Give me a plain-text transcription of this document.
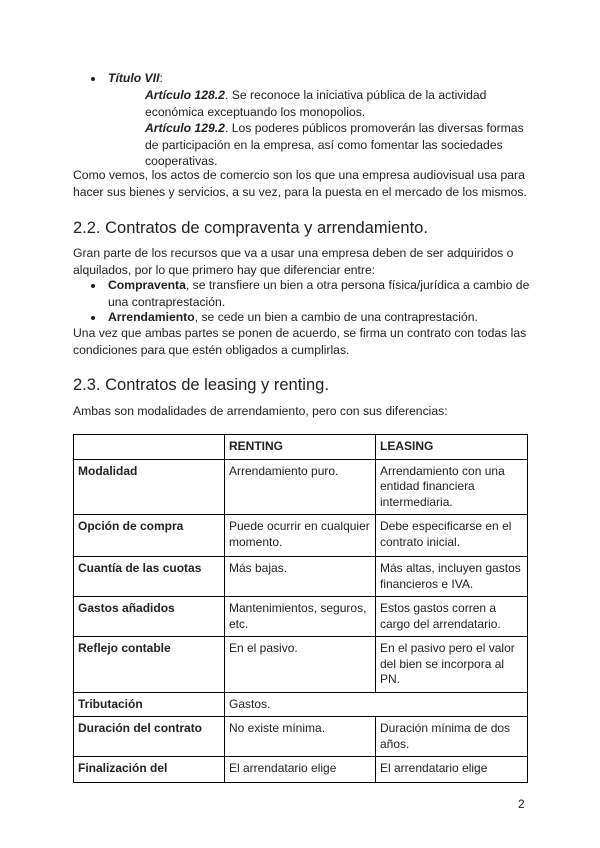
Título VII:
Artículo 128.2. Se reconoce la iniciativa pública de la actividad
económica exceptuando los monopolios.
Artículo 129.2. Los poderes públicos promoverán las diversas formas
de participación en la empresa, así como fomentar las sociedades
cooperativas.
Como vemos, los actos de comercio son los que una empresa audiovisual usa para
hacer sus bienes y servicios, a su vez, para la puesta en el mercado de los mismos.
2.2. Contratos de compraventa y arrendamiento.
Gran parte de los recursos que va a usar una empresa deben de ser adquiridos o
alquilados, por lo que primero hay que diferenciar entre:
Compraventa, se transfiere un bien a otra persona física/jurídica a cambio de
una contraprestación.
Arrendamiento, se cede un bien a cambio de una contraprestación.
Una vez que ambas partes se ponen de acuerdo, se firma un contrato con todas las
condiciones para que estén obligados a cumplirlas.
2.3. Contratos de leasing y renting.
Ambas son modalidades de arrendamiento, pero con sus diferencias:
	RENTING	LEASING
Modalidad	Arrendamiento puro.	Arrendamiento con una entidad financiera intermediaria.
Opción de compra	Puede ocurrir en cualquier momento.	Debe especificarse en el contrato inicial.
Cuantía de las cuotas	Más bajas.	Más altas, incluyen gastos financieros e IVA.
Gastos añadidos	Mantenimientos, seguros, etc.	Estos gastos corren a cargo del arrendatario.
Reflejo contable	En el pasivo.	En el pasivo pero el valor del bien se incorpora al PN.
Tributación	Gastos.	
Duración del contrato	No existe mínima.	Duración mínima de dos años.
Finalización del	El arrendatario elige	El arrendatario elige
2
